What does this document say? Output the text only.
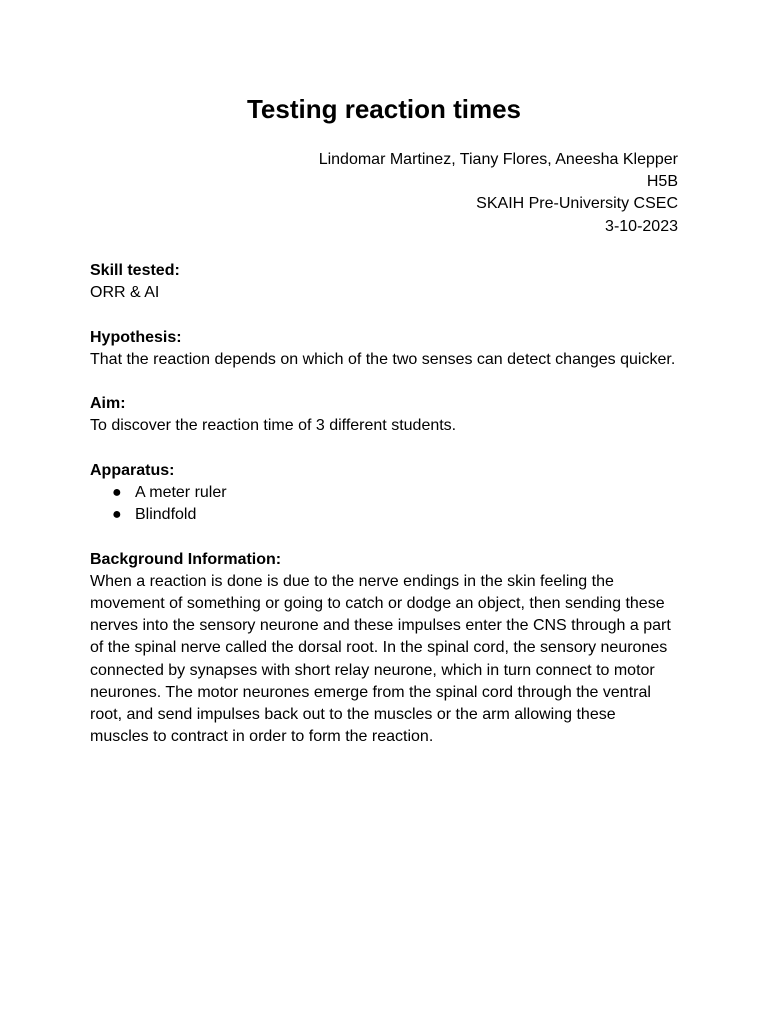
Testing reaction times
Lindomar Martinez, Tiany Flores, Aneesha Klepper
H5B
SKAIH Pre-University CSEC
3-10-2023
Skill tested:
ORR & AI
Hypothesis:
That the reaction depends on which of the two senses can detect changes quicker.
Aim:
To discover the reaction time of 3 different students.
Apparatus:
● A meter ruler
● Blindfold
Background Information:
When a reaction is done is due to the nerve endings in the skin feeling the movement of something or going to catch or dodge an object, then sending these nerves into the sensory neurone and these impulses enter the CNS through a part of the spinal nerve called the dorsal root. In the spinal cord, the sensory neurones connected by synapses with short relay neurone, which in turn connect to motor neurones. The motor neurones emerge from the spinal cord through the ventral root, and send impulses back out to the muscles or the arm allowing these muscles to contract in order to form the reaction.
